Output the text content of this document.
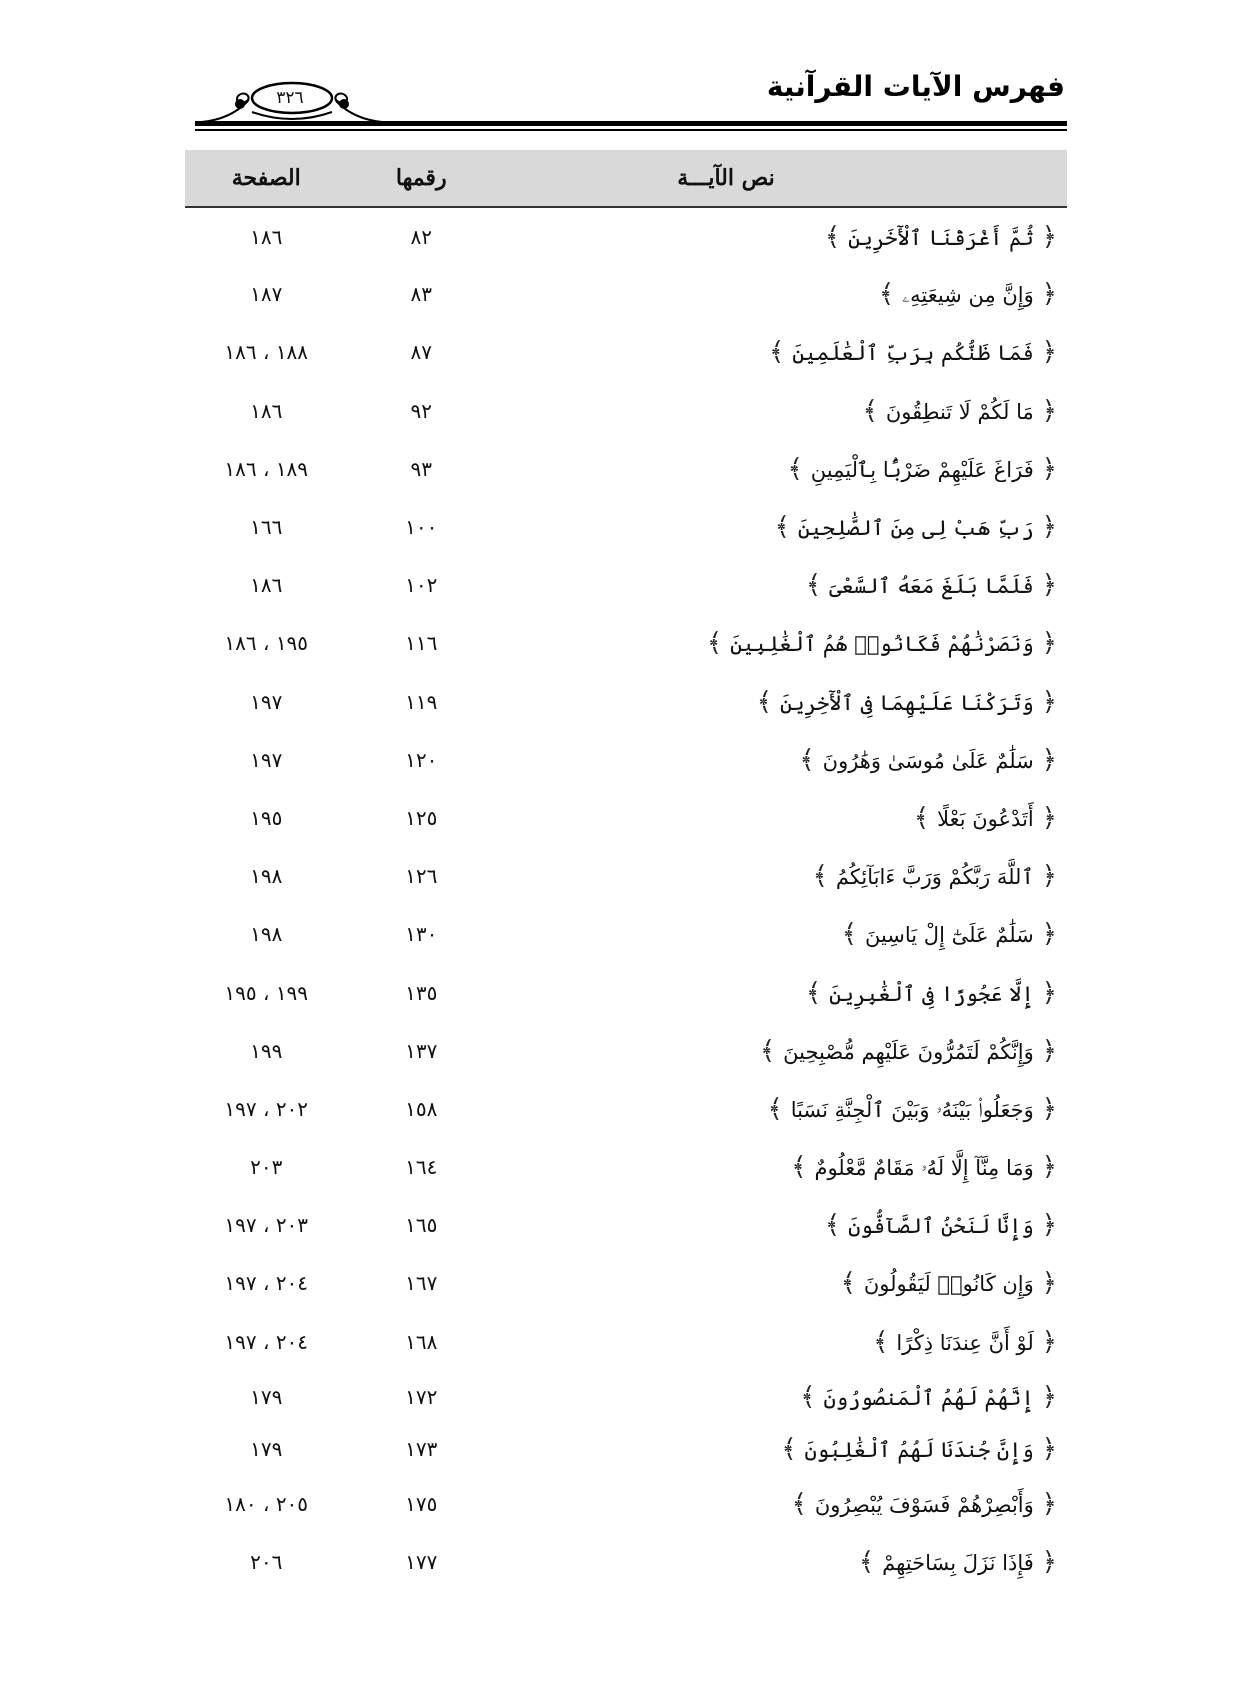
فهرس الآيات القرآنية
٣٢٦
نص الآيـــة	رقمها	الصفحة
﴿ثُمَّ أَغْرَقْنَا ٱلْأٓخَرِينَ﴾	٨٢	١٨٦
﴿وَإِنَّ مِن شِيعَتِهِۦ﴾	٨٣	١٨٧
﴿فَمَا ظَنُّكُم بِرَبِّ ٱلْعَٰلَمِينَ﴾	٨٧	١٨٨ ، ١٨٦
﴿مَا لَكُمْ لَا تَنطِقُونَ﴾	٩٢	١٨٦
﴿فَرَاغَ عَلَيْهِمْ ضَرْبًۢا بِٱلْيَمِينِ﴾	٩٣	١٨٩ ، ١٨٦
﴿رَبِّ هَبْ لِى مِنَ ٱلصَّٰلِحِينَ﴾	١٠٠	١٦٦
﴿فَلَمَّا بَلَغَ مَعَهُ ٱلسَّعْىَ﴾	١٠٢	١٨٦
﴿وَنَصَرْنَٰهُمْ فَكَانُوا۟ هُمُ ٱلْغَٰلِبِينَ﴾	١١٦	١٩٥ ، ١٨٦
﴿وَتَرَكْنَا عَلَيْهِمَا فِى ٱلْأٓخِرِينَ﴾	١١٩	١٩٧
﴿سَلَٰمٌ عَلَىٰ مُوسَىٰ وَهَٰرُونَ﴾	١٢٠	١٩٧
﴿أَتَدْعُونَ بَعْلًا﴾	١٢٥	١٩٥
﴿ٱللَّهَ رَبَّكُمْ وَرَبَّ ءَابَآئِكُمُ﴾	١٢٦	١٩٨
﴿سَلَٰمٌ عَلَىٰٓ إِلْ يَاسِينَ﴾	١٣٠	١٩٨
﴿إِلَّا عَجُوزًا فِى ٱلْغَٰبِرِينَ﴾	١٣٥	١٩٩ ، ١٩٥
﴿وَإِنَّكُمْ لَتَمُرُّونَ عَلَيْهِم مُّصْبِحِينَ﴾	١٣٧	١٩٩
﴿وَجَعَلُوا۟ بَيْنَهُۥ وَبَيْنَ ٱلْجِنَّةِ نَسَبًا﴾	١٥٨	٢٠٢ ، ١٩٧
﴿وَمَا مِنَّآ إِلَّا لَهُۥ مَقَامٌ مَّعْلُومٌ﴾	١٦٤	٢٠٣
﴿وَإِنَّا لَنَحْنُ ٱلصَّآفُّونَ﴾	١٦٥	٢٠٣ ، ١٩٧
﴿وَإِن كَانُوا۟ لَيَقُولُونَ﴾	١٦٧	٢٠٤ ، ١٩٧
﴿لَوْ أَنَّ عِندَنَا ذِكْرًا﴾	١٦٨	٢٠٤ ، ١٩٧
﴿إِنَّهُمْ لَهُمُ ٱلْمَنصُورُونَ﴾	١٧٢	١٧٩
﴿وَإِنَّ جُندَنَا لَهُمُ ٱلْغَٰلِبُونَ﴾	١٧٣	١٧٩
﴿وَأَبْصِرْهُمْ فَسَوْفَ يُبْصِرُونَ﴾	١٧٥	٢٠٥ ، ١٨٠
﴿فَإِذَا نَزَلَ بِسَاحَتِهِمْ﴾	١٧٧	٢٠٦
